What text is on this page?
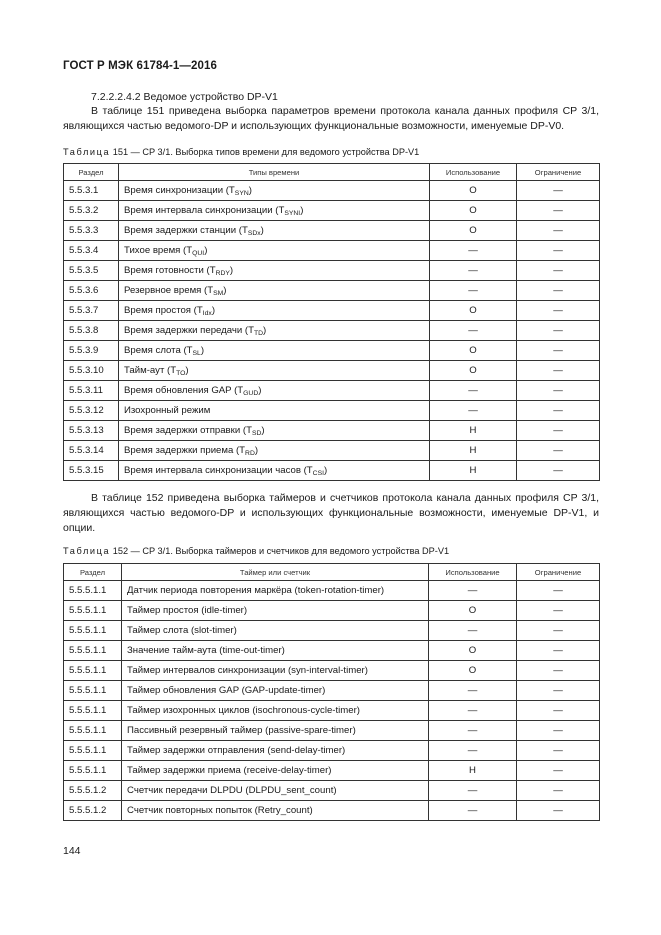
ГОСТ Р МЭК 61784-1—2016
7.2.2.2.4.2 Ведомое устройство DP-V1
В таблице 151 приведена выборка параметров времени протокола канала данных профиля CP 3/1, являющихся частью ведомого-DP и использующих функциональные возможности, именуемые DP-V0.
Таблица 151 — CP 3/1. Выборка типов времени для ведомого устройства DP-V1
Раздел	Типы времени	Использование	Ограничение
5.5.3.1	Время синхронизации $(T_{SYN})$	O	—
5.5.3.2	Время интервала синхронизации $(T_{SYNI})$	O	—
5.5.3.3	Время задержки станции $(T_{SDx})$	O	—
5.5.3.4	Тихое время $(T_{QUI})$	—	—
5.5.3.5	Время готовности $(T_{RDY})$	—	—
5.5.3.6	Резервное время $(T_{SM})$	—	—
5.5.3.7	Время простоя $(T_{Idx})$	O	—
5.5.3.8	Время задержки передачи $(T_{TD})$	—	—
5.5.3.9	Время слота $(T_{SL})$	O	—
5.5.3.10	Тайм-аут $(T_{TO})$	O	—
5.5.3.11	Время обновления GAP $(T_{GUD})$	—	—
5.5.3.12	Изохронный режим	—	—
5.5.3.13	Время задержки отправки $(T_{SD})$	Н	—
5.5.3.14	Время задержки приема $(T_{RD})$	Н	—
5.5.3.15	Время интервала синхронизации часов $(T_{CSI})$	Н	—
В таблице 152 приведена выборка таймеров и счетчиков протокола канала данных профиля CP 3/1, являющихся частью ведомого-DP и использующих функциональные возможности, именуемые DP-V1, и опции.
Таблица 152 — CP 3/1. Выборка таймеров и счетчиков для ведомого устройства DP-V1
Раздел	Таймер или счетчик	Использование	Ограничение
5.5.5.1.1	Датчик периода повторения маркёра (token-rotation-timer)	—	—
5.5.5.1.1	Таймер простоя (idle-timer)	O	—
5.5.5.1.1	Таймер слота (slot-timer)	—	—
5.5.5.1.1	Значение тайм-аута (time-out-timer)	O	—
5.5.5.1.1	Таймер интервалов синхронизации (syn-interval-timer)	O	—
5.5.5.1.1	Таймер обновления GAP (GAP-update-timer)	—	—
5.5.5.1.1	Таймер изохронных циклов (isochronous-cycle-timer)	—	—
5.5.5.1.1	Пассивный резервный таймер (passive-spare-timer)	—	—
5.5.5.1.1	Таймер задержки отправления (send-delay-timer)	—	—
5.5.5.1.1	Таймер задержки приема (receive-delay-timer)	Н	—
5.5.5.1.2	Счетчик передачи DLPDU (DLPDU_sent_count)	—	—
5.5.5.1.2	Счетчик повторных попыток (Retry_count)	—	—
144
